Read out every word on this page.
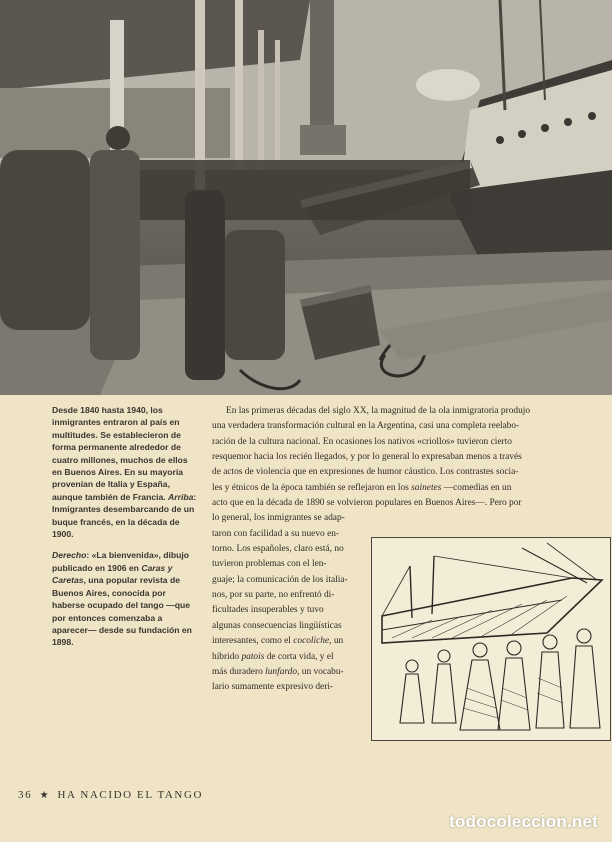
Desde 1840 hasta 1940, los inmigrantes entraron al país en multitudes. Se establecieron de forma permanente alrededor de cuatro millones, muchos de ellos en Buenos Aires. En su mayoría provenían de Italia y España, aunque también de Francia. Arriba: Inmigrantes desembarcando de un buque francés, en la década de 1900.

Derecho: «La bienvenida», dibujo publicado en 1906 en Caras y Caretas, una popular revista de Buenos Aires, conocida por haberse ocupado del tango —que por entonces comenzaba a aparecer— desde su fundación en 1898.

En las primeras décadas del siglo XX, la magnitud de la ola inmigratoria produjo
una verdadera transformación cultural en la Argentina, casi una completa reelabo-
ración de la cultura nacional. En ocasiones los nativos «criollos» tuvieron cierto
resquemor hacia los recién llegados, y por lo general lo expresaban menos a través
de actos de violencia que en expresiones de humor cáustico. Los contrastes socia-
les y étnicos de la época también se reflejaron en los sainetes —comedias en un
acto que en la década de 1890 se volvieron populares en Buenos Aires—. Pero por
lo general, los inmigrantes se adap-
taron con facilidad a su nuevo en-
torno. Los españoles, claro está, no
tuvieron problemas con el len-
guaje; la comunicación de los italia-
nos, por su parte, no enfrentó di-
ficultades insuperables y tuvo
algunas consecuencias lingüísticas
interesantes, como el cocoliche, un
híbrido patois de corta vida, y el
más duradero lunfardo, un vocabu-
lario sumamente expresivo deri-
36 ★ HA NACIDO EL TANGO
todocoleccion.net
